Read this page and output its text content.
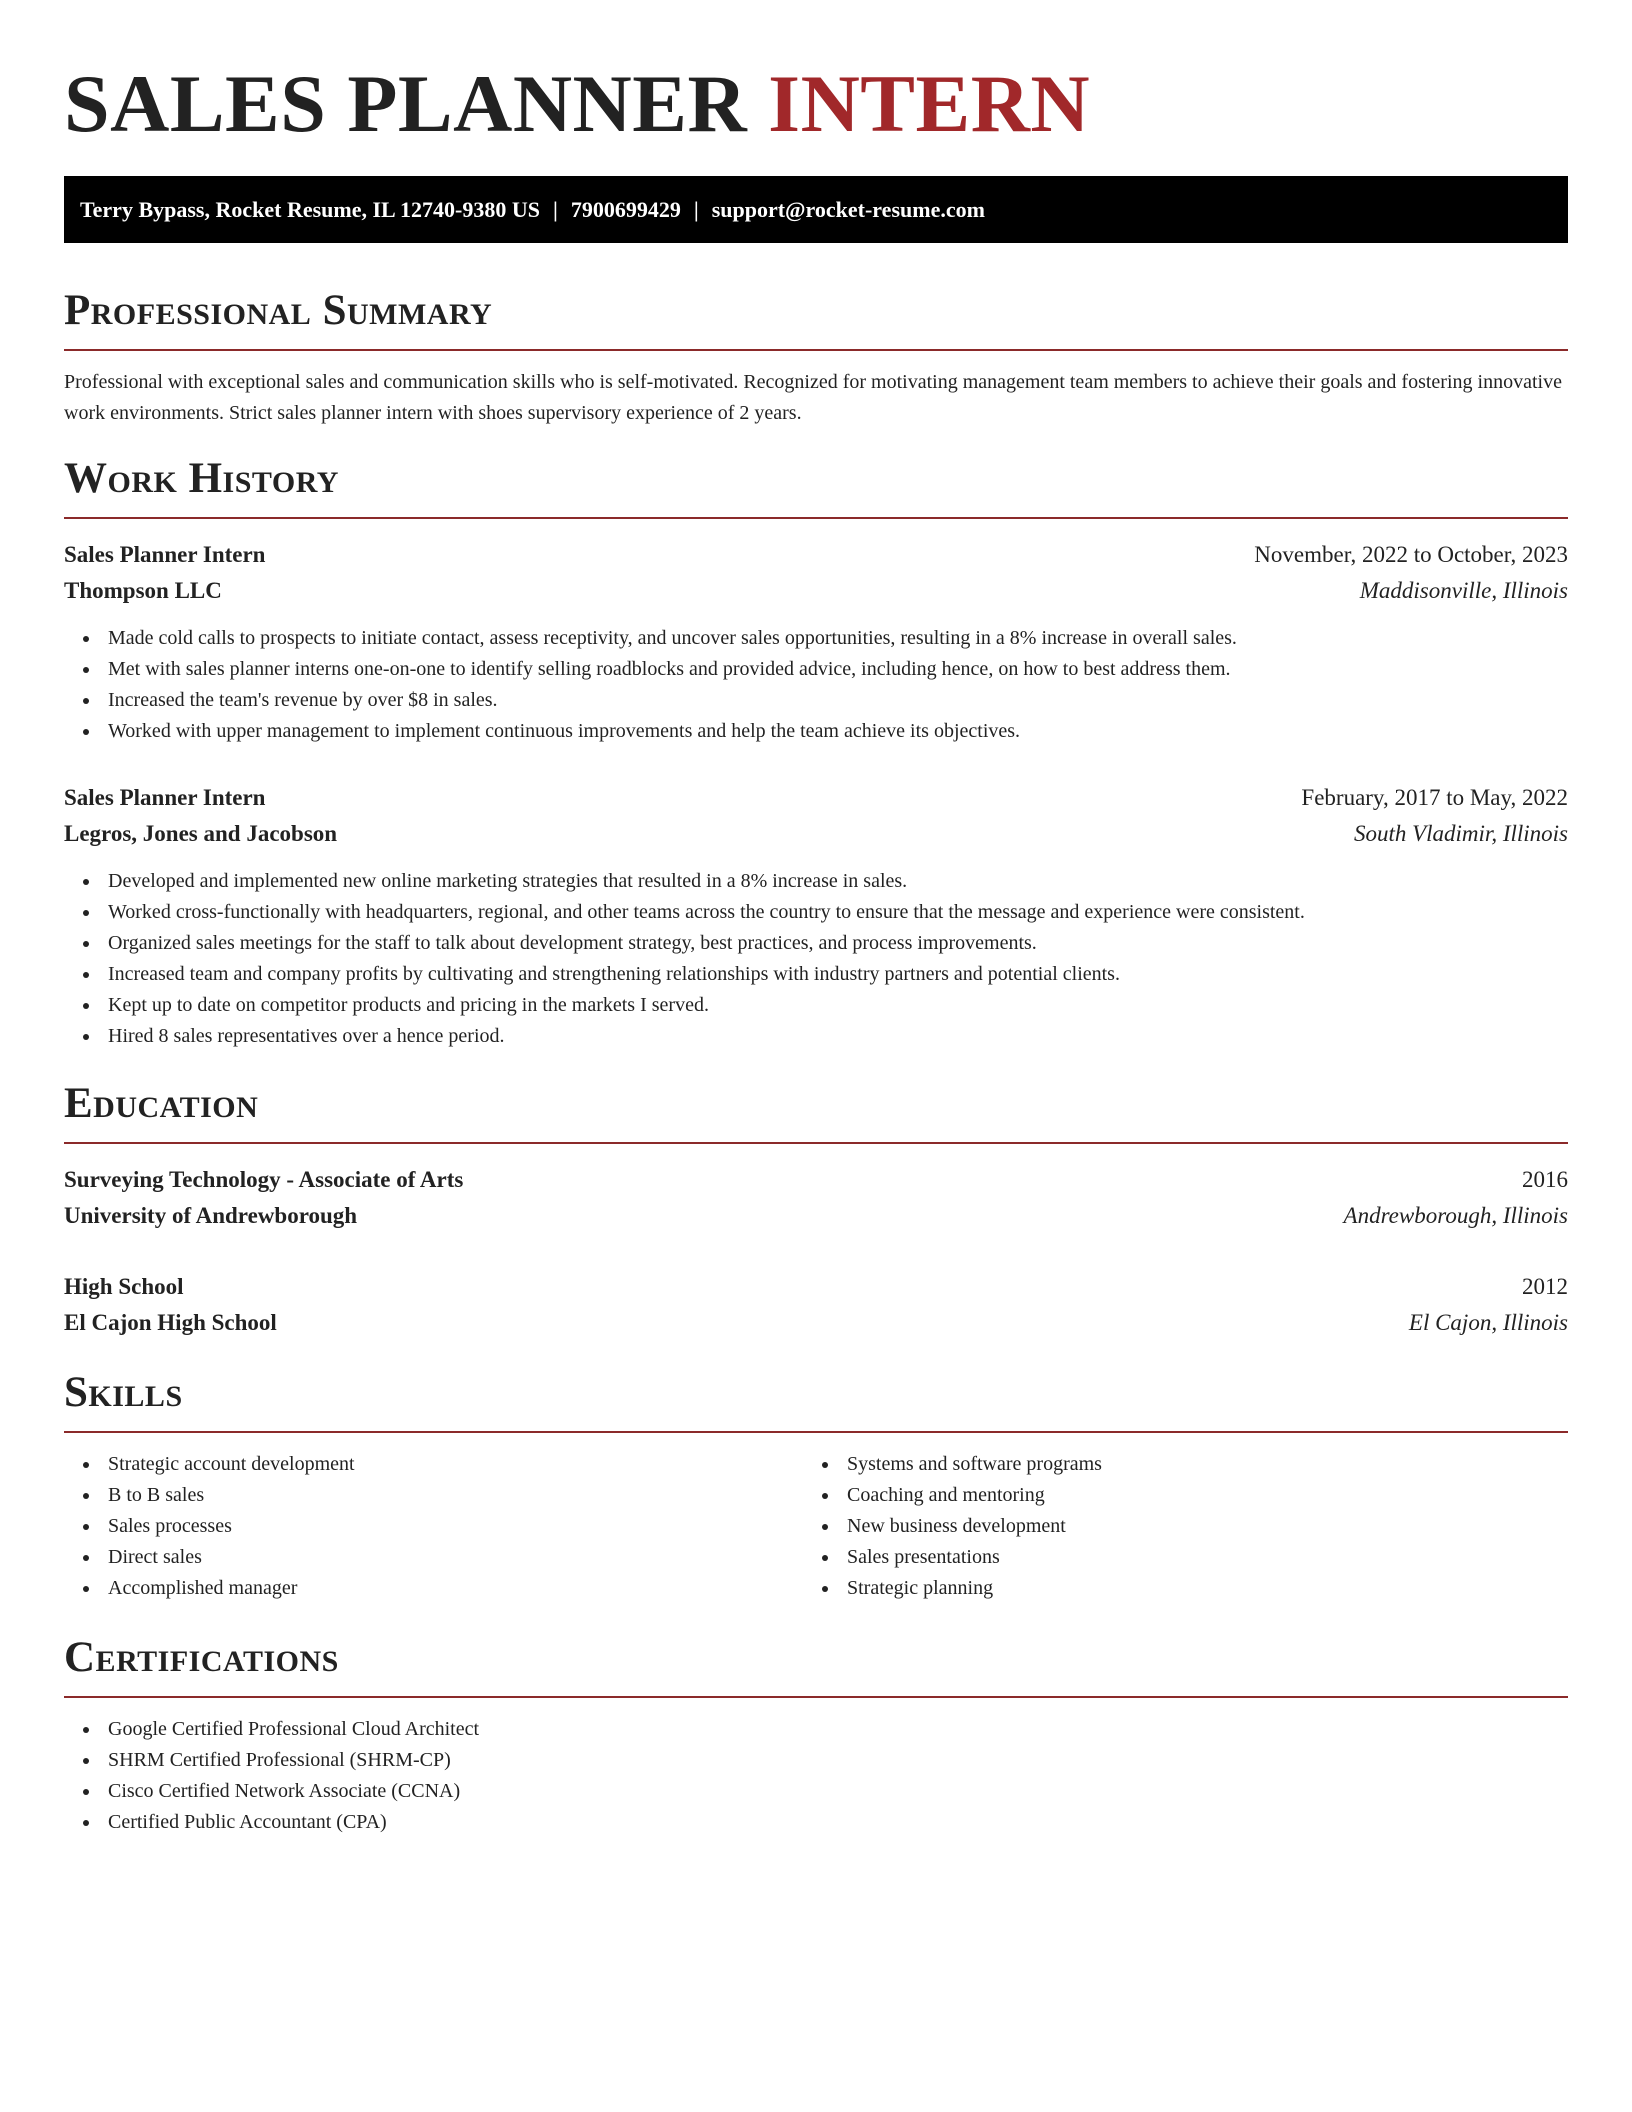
SALES PLANNER INTERN
Terry Bypass, Rocket Resume, IL 12740-9380 US | 7900699429 | support@rocket-resume.com
Professional Summary

Professional with exceptional sales and communication skills who is self-motivated. Recognized for motivating management team members to achieve their goals and fostering innovative work environments. Strict sales planner intern with shoes supervisory experience of 2 years.

Work History
Sales Planner Intern	November, 2022 to October, 2023
Thompson LLC	Maddisonville, Illinois
Made cold calls to prospects to initiate contact, assess receptivity, and uncover sales opportunities, resulting in a 8% increase in overall sales.
Met with sales planner interns one-on-one to identify selling roadblocks and provided advice, including hence, on how to best address them.
Increased the team's revenue by over $8 in sales.
Worked with upper management to implement continuous improvements and help the team achieve its objectives.
Sales Planner Intern	February, 2017 to May, 2022
Legros, Jones and Jacobson	South Vladimir, Illinois
Developed and implemented new online marketing strategies that resulted in a 8% increase in sales.
Worked cross-functionally with headquarters, regional, and other teams across the country to ensure that the message and experience were consistent.
Organized sales meetings for the staff to talk about development strategy, best practices, and process improvements.
Increased team and company profits by cultivating and strengthening relationships with industry partners and potential clients.
Kept up to date on competitor products and pricing in the markets I served.
Hired 8 sales representatives over a hence period.
Education
Surveying Technology - Associate of Arts	2016
University of Andrewborough	Andrewborough, Illinois
High School	2012
El Cajon High School	El Cajon, Illinois
Skills
Strategic account development
B to B sales
Sales processes
Direct sales
Accomplished manager
Systems and software programs
Coaching and mentoring
New business development
Sales presentations
Strategic planning
Certifications
Google Certified Professional Cloud Architect
SHRM Certified Professional (SHRM-CP)
Cisco Certified Network Associate (CCNA)
Certified Public Accountant (CPA)
